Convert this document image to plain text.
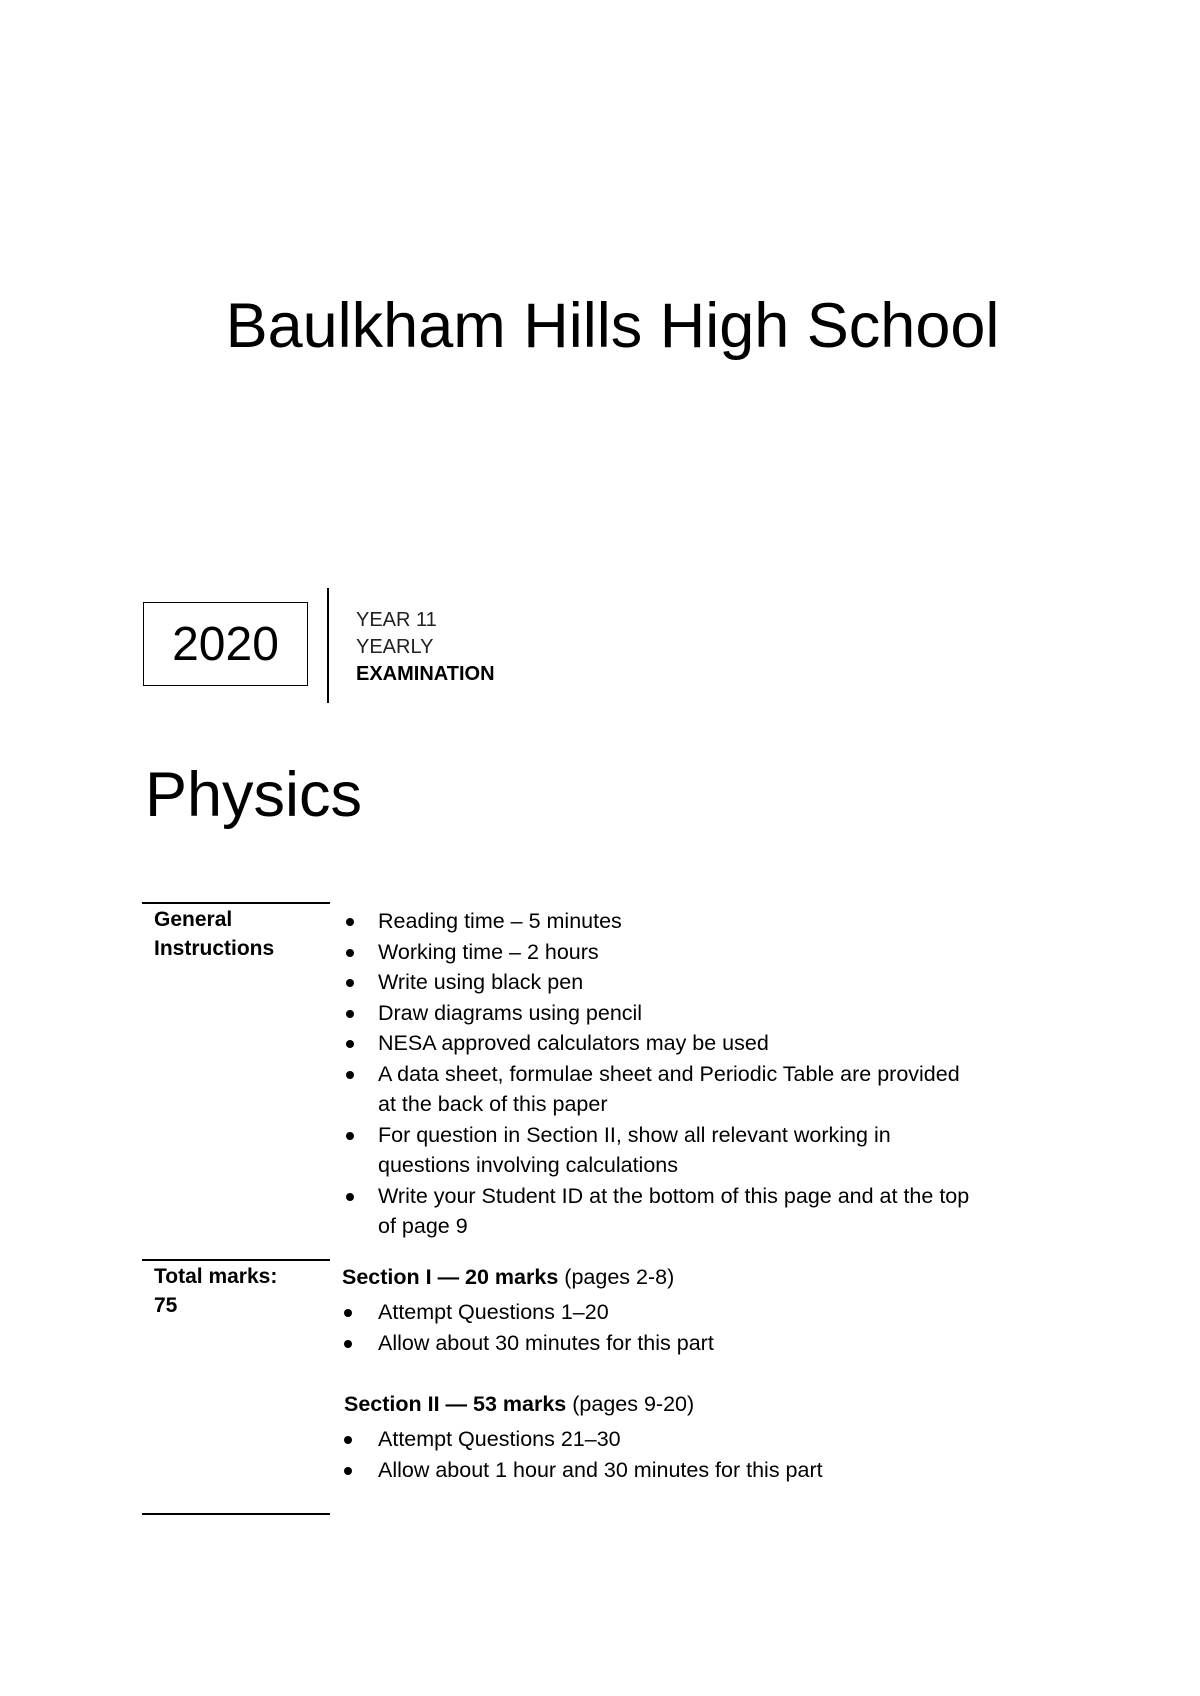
Baulkham Hills High School
2020	YEAR 11
YEARLY
EXAMINATION
Physics
General
Instructions
Reading time – 5 minutes
Working time – 2 hours
Write using black pen
Draw diagrams using pencil
NESA approved calculators may be used
A data sheet, formulae sheet and Periodic Table are provided at the back of this paper
For question in Section II, show all relevant working in questions involving calculations
Write your Student ID at the bottom of this page and at the top of page 9
Total marks:
75
Section I — 20 marks (pages 2-8)
Attempt Questions 1–20
Allow about 30 minutes for this part
Section II — 53 marks (pages 9-20)
Attempt Questions 21–30
Allow about 1 hour and 30 minutes for this part
